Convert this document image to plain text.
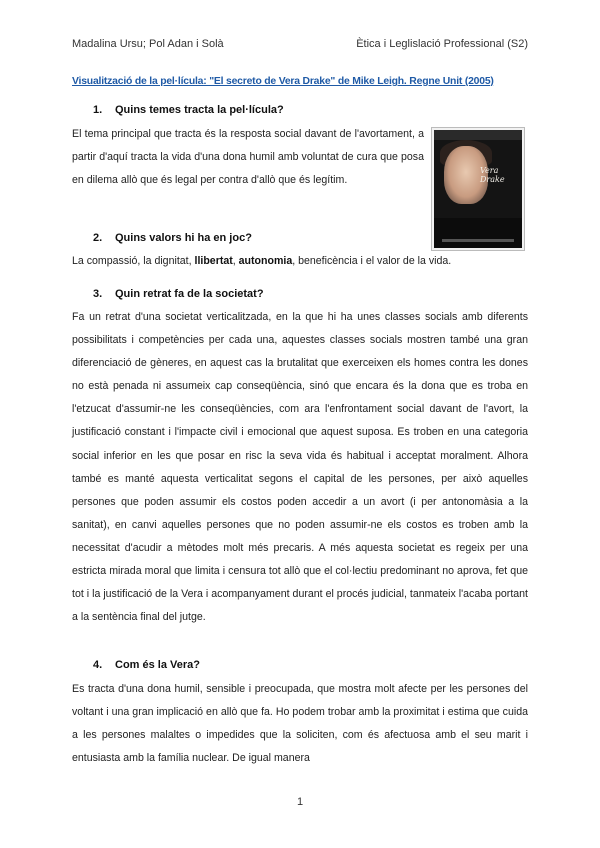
Madalina Ursu; Pol Adan i Solà	Ètica i Leglislació Professional (S2)
Visualització de la pel·lícula: "El secreto de Vera Drake" de Mike Leigh. Regne Unit (2005)
1. Quins temes tracta la pel·lícula?
El tema principal que tracta és la resposta social davant de l'avortament, a partir d'aquí tracta la vida d'una dona humil amb voluntat de cura que posa en dilema allò que és legal per contra d'allò que és legítim.
Vera Drake
2. Quins valors hi ha en joc?
La compassió, la dignitat, llibertat, autonomia, beneficència i el valor de la vida.
3. Quin retrat fa de la societat?
Fa un retrat d'una societat verticalitzada, en la que hi ha unes classes socials amb diferents possibilitats i competències per cada una, aquestes classes socials mostren també una gran diferenciació de gèneres, en aquest cas la brutalitat que exerceixen els homes contra les dones no està penada ni assumeix cap conseqüència, sinó que encara és la dona que es troba en l'etzucat d'assumir-ne les conseqüències, com ara l'enfrontament social davant de l'avort, la justificació constant i l'impacte civil i emocional que aquest suposa. Es troben en una categoria social inferior en les que posar en risc la seva vida és habitual i acceptat moralment. Alhora també es manté aquesta verticalitat segons el capital de les persones, per això aquelles persones que poden assumir els costos poden accedir a un avort (i per antonomàsia a la sanitat), en canvi aquelles persones que no poden assumir-ne els costos es troben amb la necessitat d'acudir a mètodes molt més precaris. A més aquesta societat es regeix per una estricta mirada moral que limita i censura tot allò que el col·lectiu predominant no aprova, fet que tot i la justificació de la Vera i acompanyament durant el procés judicial, tanmateix l'acaba portant a la sentència final del jutge.
4. Com és la Vera?
Es tracta d'una dona humil, sensible i preocupada, que mostra molt afecte per les persones del voltant i una gran implicació en allò que fa. Ho podem trobar amb la proximitat i estima que cuida a les persones malaltes o impedides que la soliciten, com és afectuosa amb el seu marit i entusiasta amb la família nuclear. De igual manera
1
